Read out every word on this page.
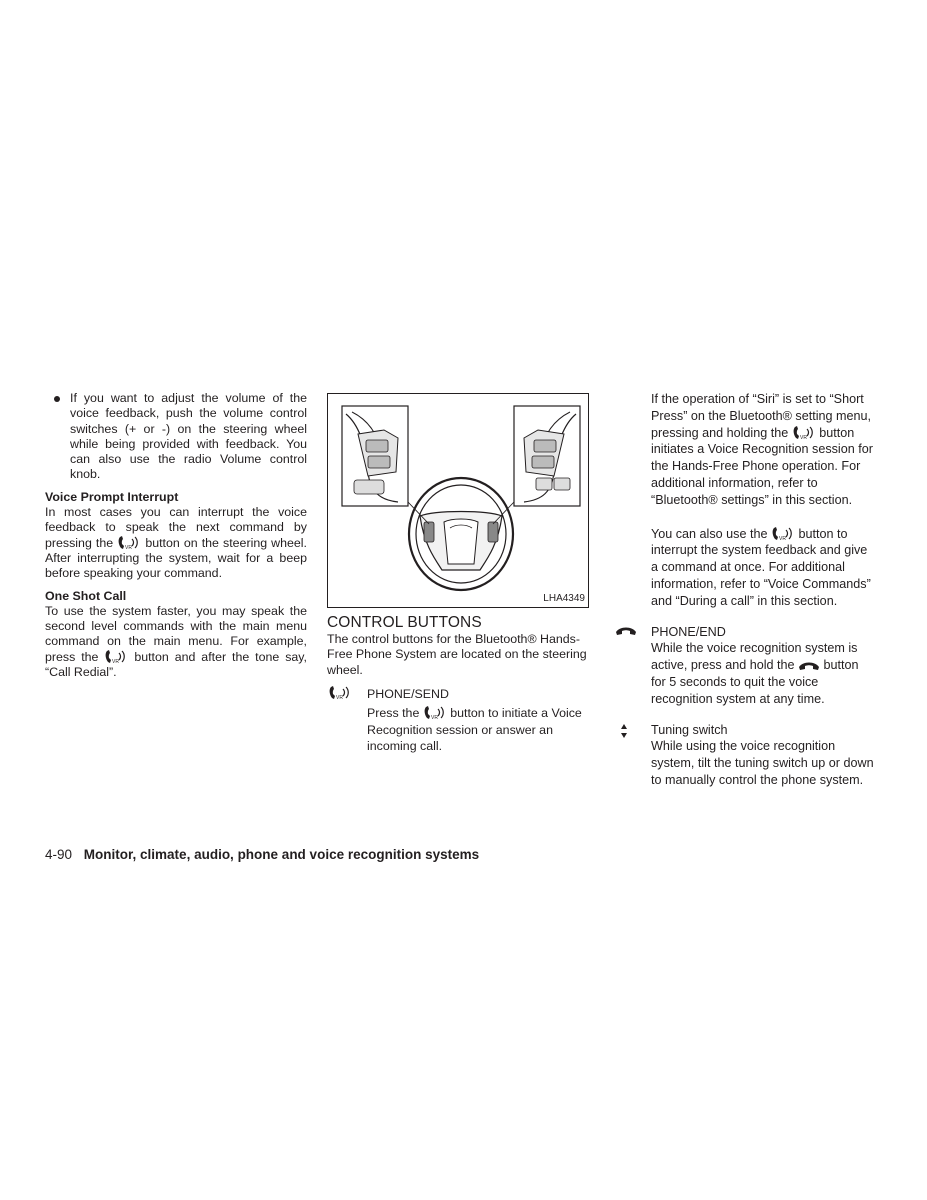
If you want to adjust the volume of the voice feedback, push the volume control switches (+ or -) on the steering wheel while being provided with feedback. You can also use the radio Volume control knob.
Voice Prompt Interrupt
In most cases you can interrupt the voice feedback to speak the next command by pressing the VR button on the steering wheel. After interrupting the system, wait for a beep before speaking your command.
One Shot Call
To use the system faster, you may speak the second level commands with the main menu command on the main menu. For example, press the	VR button and after the tone say, “Call Redial”.
LHA4349
CONTROL BUTTONS
The control buttons for the Bluetooth® Hands-Free Phone System are located on the steering wheel.
VR PHONE/SEND
Press the VR button to initiate a Voice Recognition session or answer an incoming call.
If the operation of “Siri” is set to “Short Press” on the Bluetooth® setting menu, pressing and holding the VR button initiates a Voice Recognition session for the Hands-Free Phone operation. For additional information, refer to “Bluetooth® settings” in this section.
You can also use the VR button to interrupt the system feedback and give a command at once. For additional information, refer to “Voice Commands” and “During a call” in this section.
PHONE/END
While the voice recognition system is active, press and hold the button for 5 seconds to quit the voice recognition system at any time.
Tuning switch
While using the voice recognition system, tilt the tuning switch up or down to manually control the phone system.
4-90 Monitor, climate, audio, phone and voice recognition systems
